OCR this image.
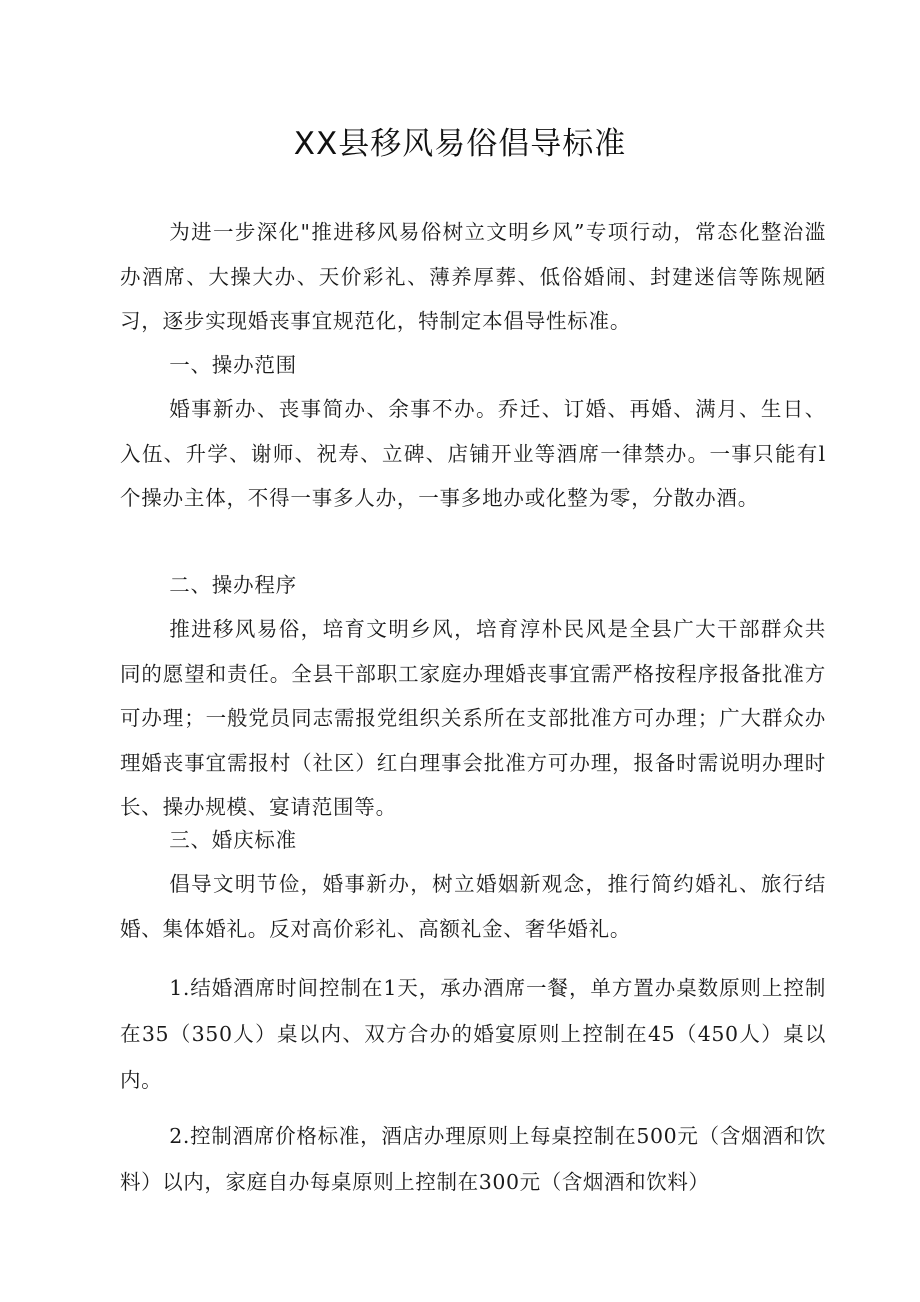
XX县移风易俗倡导标准

为进一步深化"推进移风易俗树立文明乡风”专项行动，常态化整治滥办酒席、大操大办、天价彩礼、薄养厚葬、低俗婚闹、封建迷信等陈规陋习，逐步实现婚丧事宜规范化，特制定本倡导性标准。

一、操办范围

婚事新办、丧事简办、余事不办。乔迁、订婚、再婚、满月、生日、入伍、升学、谢师、祝寿、立碑、店铺开业等酒席一律禁办。一事只能有l个操办主体，不得一事多人办，一事多地办或化整为零，分散办酒。

二、操办程序

推进移风易俗，培育文明乡风，培育淳朴民风是全县广大干部群众共同的愿望和责任。全县干部职工家庭办理婚丧事宜需严格按程序报备批准方可办理；一般党员同志需报党组织关系所在支部批准方可办理；广大群众办理婚丧事宜需报村（社区）红白理事会批准方可办理，报备时需说明办理时长、操办规模、宴请范围等。

三、婚庆标准

倡导文明节俭，婚事新办，树立婚姻新观念，推行简约婚礼、旅行结婚、集体婚礼。反对高价彩礼、高额礼金、奢华婚礼。

1.结婚酒席时间控制在1天，承办酒席一餐，单方置办桌数原则上控制在35（350人）桌以内、双方合办的婚宴原则上控制在45（450人）桌以内。

2.控制酒席价格标准，酒店办理原则上每桌控制在500元（含烟酒和饮料）以内，家庭自办每桌原则上控制在300元（含烟酒和饮料）
